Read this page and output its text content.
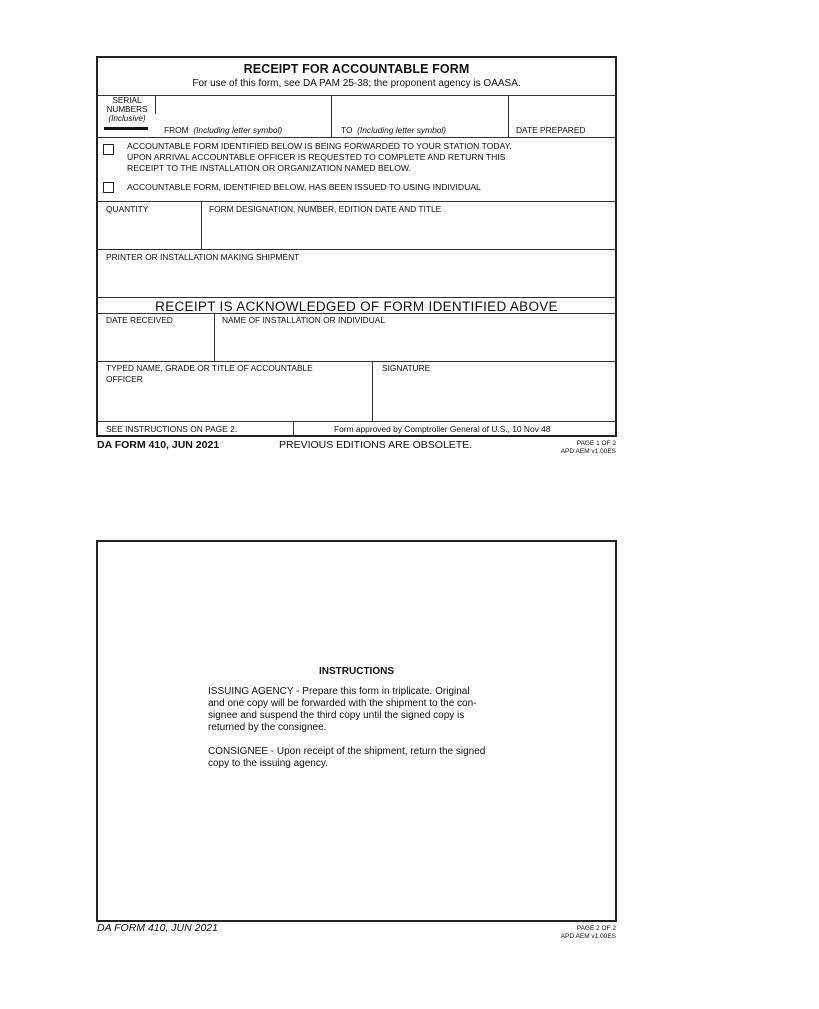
RECEIPT FOR ACCOUNTABLE FORM
For use of this form, see DA PAM 25-38; the proponent agency is OAASA.
SERIAL
NUMBERS
(Inclusive)
FROM (Including letter symbol)	TO (Including letter symbol)	DATE PREPARED
ACCOUNTABLE FORM IDENTIFIED BELOW IS BEING FORWARDED TO YOUR STATION TODAY.
UPON ARRIVAL ACCOUNTABLE OFFICER IS REQUESTED TO COMPLETE AND RETURN THIS
RECEIPT TO THE INSTALLATION OR ORGANIZATION NAMED BELOW.
ACCOUNTABLE FORM, IDENTIFIED BELOW, HAS BEEN ISSUED TO USING INDIVIDUAL
QUANTITY	FORM DESIGNATION, NUMBER, EDITION DATE AND TITLE
PRINTER OR INSTALLATION MAKING SHIPMENT
RECEIPT IS ACKNOWLEDGED OF FORM IDENTIFIED ABOVE
DATE RECEIVED	NAME OF INSTALLATION OR INDIVIDUAL
TYPED NAME, GRADE OR TITLE OF ACCOUNTABLE
OFFICER
SIGNATURE
SEE INSTRUCTIONS ON PAGE 2.	Form approved by Comptroller General of U.S., 10 Nov 48
DA FORM 410, JUN 2021	PREVIOUS EDITIONS ARE OBSOLETE.	PAGE 1 OF 2
APD AEM v1.00ES
INSTRUCTIONS
ISSUING AGENCY - Prepare this form in triplicate. Original
and one copy will be forwarded with the shipment to the con-
signee and suspend the third copy until the signed copy is
returned by the consignee.
CONSIGNEE - Upon receipt of the shipment, return the signed
copy to the issuing agency.
DA FORM 410, JUN 2021	PAGE 2 OF 2
APD AEM v1.00ES
